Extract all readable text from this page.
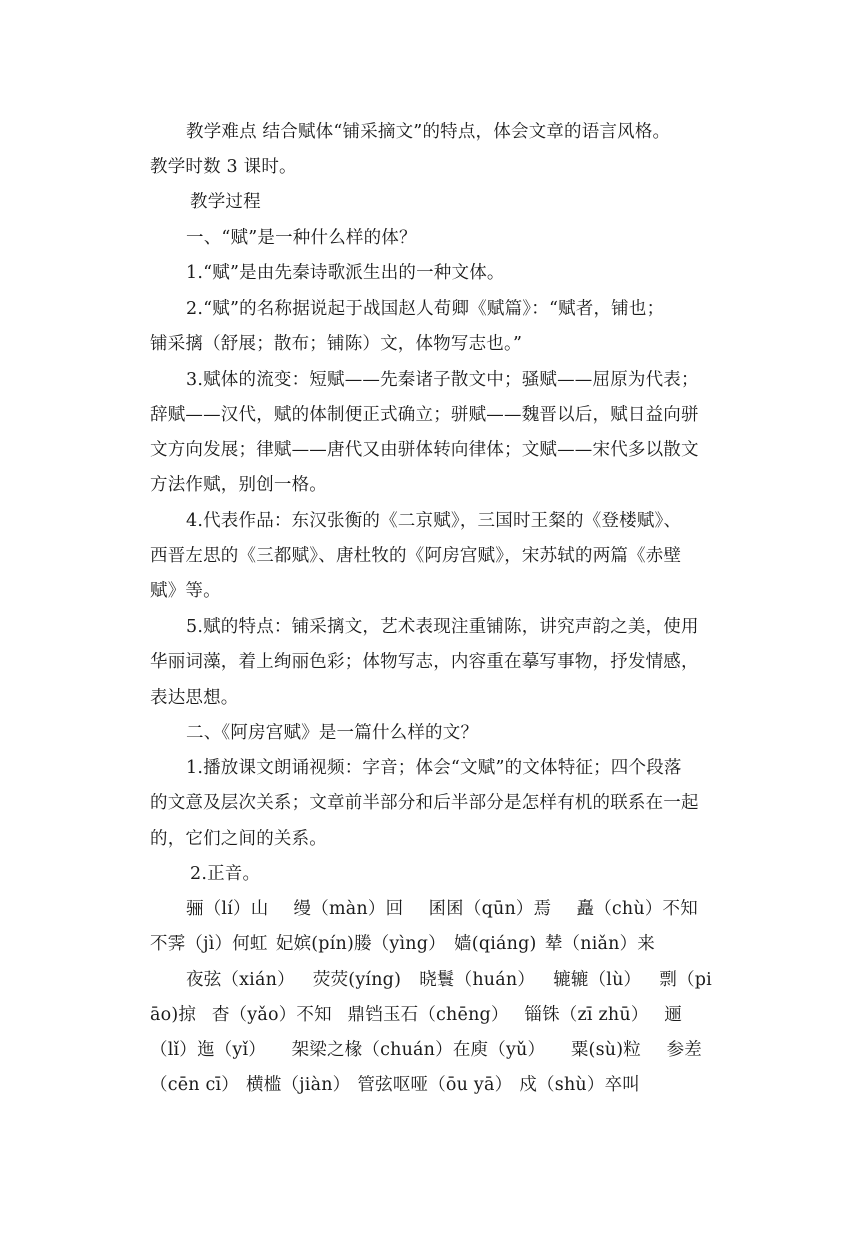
教学难点 结合赋体“铺采摘文”的特点，体会文章的语言风格。
教学时数 3 课时。
教学过程
一、“赋”是一种什么样的体？
1.“赋”是由先秦诗歌派生出的一种文体。
2.“赋”的名称据说起于战国赵人荀卿《赋篇》：“赋者，铺也；
铺采摛（舒展；散布；铺陈）文，体物写志也。”
3.赋体的流变：短赋——先秦诸子散文中；骚赋——屈原为代表；
辞赋——汉代，赋的体制便正式确立；骈赋——魏晋以后，赋日益向骈
文方向发展；律赋——唐代又由骈体转向律体；文赋——宋代多以散文
方法作赋，别创一格。
4.代表作品：东汉张衡的《二京赋》，三国时王粲的《登楼赋》、
西晋左思的《三都赋》、唐杜牧的《阿房宫赋》，宋苏轼的两篇《赤壁
赋》等。
5.赋的特点：铺采摛文，艺术表现注重铺陈，讲究声韵之美，使用
华丽词藻，着上绚丽色彩；体物写志，内容重在摹写事物，抒发情感，
表达思想。
二、《阿房宫赋》是一篇什么样的文？
1.播放课文朗诵视频：字音；体会“文赋”的文体特征；四个段落
的文意及层次关系；文章前半部分和后半部分是怎样有机的联系在一起
的，它们之间的关系。
2.正音。
骊（lí）山 缦（màn）回 囷囷（qūn）焉 矗（chù）不知
不霁（jì）何虹 妃嫔(pín)媵（yìng） 嫱(qiáng) 辇（niǎn）来
夜弦（xián） 荧荧(yíng) 晓鬟（huán） 辘辘（lù） 剽（pi
āo)掠 杳（yǎo）不知 鼎铛玉石（chēng） 锱铢（zī zhū） 逦
（lǐ）迤（yǐ） 架梁之椽（chuán）在庾（yǔ） 粟(sù)粒 参差
（cēn cī） 横槛（jiàn） 管弦呕哑（ōu yā） 戍（shù）卒叫
